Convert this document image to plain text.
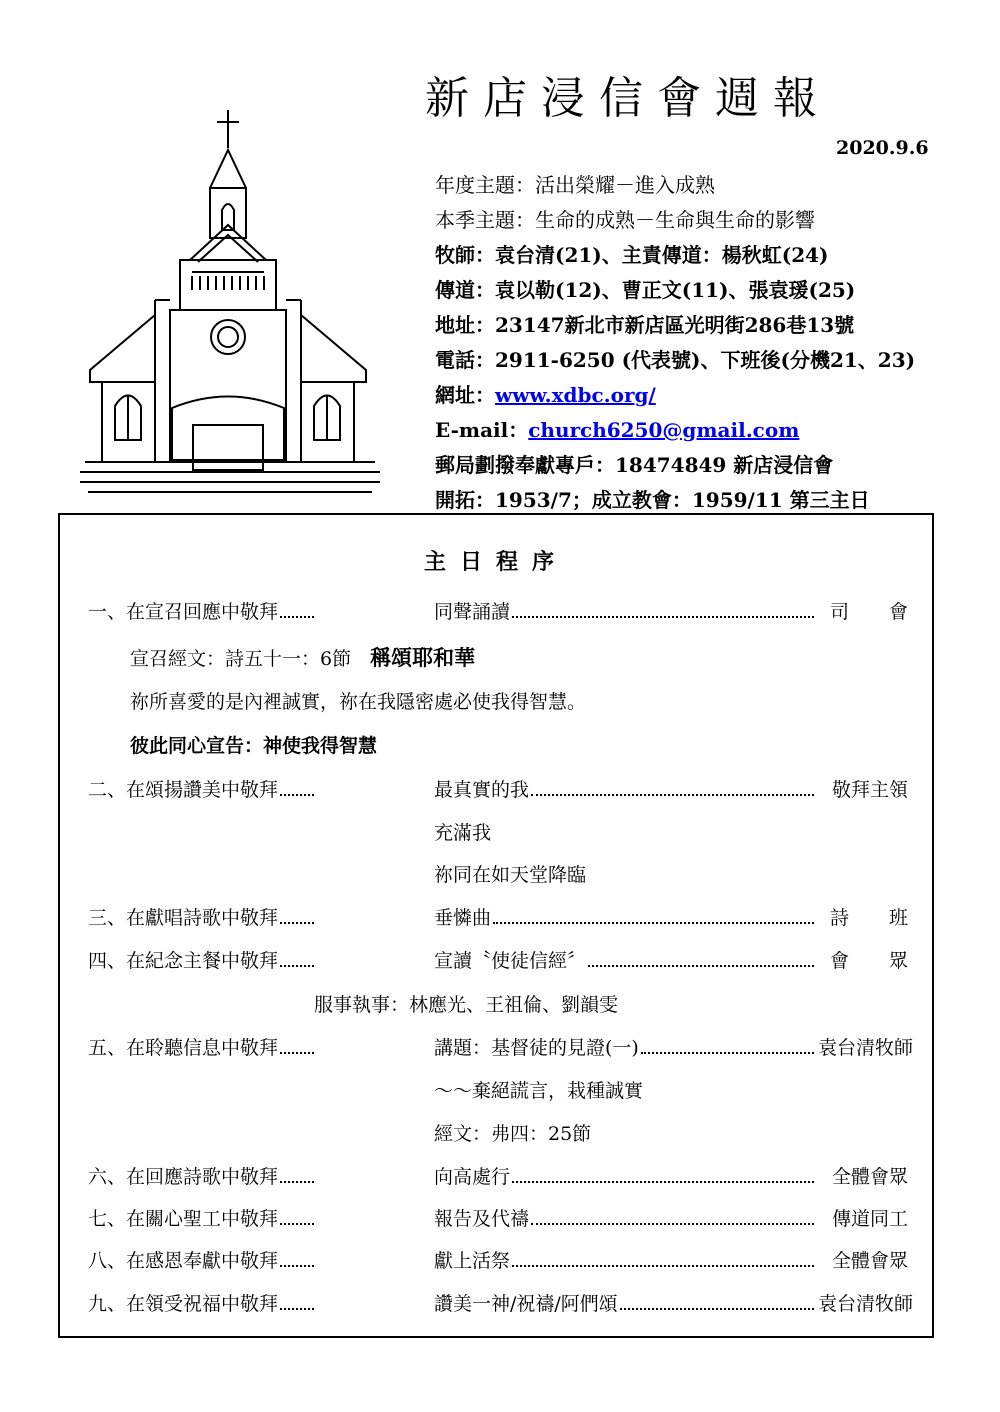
新店浸信會週報
2020.9.6
年度主題：活出榮耀－進入成熟
本季主題：生命的成熟－生命與生命的影響
牧師：袁台清(21)、主責傳道：楊秋虹(24)
傳道：袁以勒(12)、曹正文(11)、張袁瑗(25)
地址：23147新北市新店區光明街286巷13號
電話：2911-6250 (代表號)、下班後(分機21、23)
網址：www.xdbc.org/
E-mail：church6250@gmail.com
郵局劃撥奉獻專戶：18474849 新店浸信會
開拓：1953/7；成立教會：1959/11 第三主日
主日程序
一、在宣召回應中敬拜	同聲誦讀	司會
宣召經文：詩五十一：6節　 稱頌耶和華
祢所喜愛的是內裡誠實，祢在我隱密處必使我得智慧。
彼此同心宣告：神使我得智慧
二、在頌揚讚美中敬拜	最真實的我	敬拜主領
充滿我
祢同在如天堂降臨
三、在獻唱詩歌中敬拜	垂憐曲	詩班
四、在紀念主餐中敬拜	宣讀〝使徒信經〞	會眾
服事執事：林應光、王祖倫、劉韻雯
五、在聆聽信息中敬拜	講題：基督徒的見證(一)	袁台清牧師
～～棄絕謊言，栽種誠實
經文：弗四：25節
六、在回應詩歌中敬拜	向高處行	全體會眾
七、在關心聖工中敬拜	報告及代禱	傳道同工
八、在感恩奉獻中敬拜	獻上活祭	全體會眾
九、在領受祝福中敬拜	讚美一神/祝禱/阿們頌	袁台清牧師
